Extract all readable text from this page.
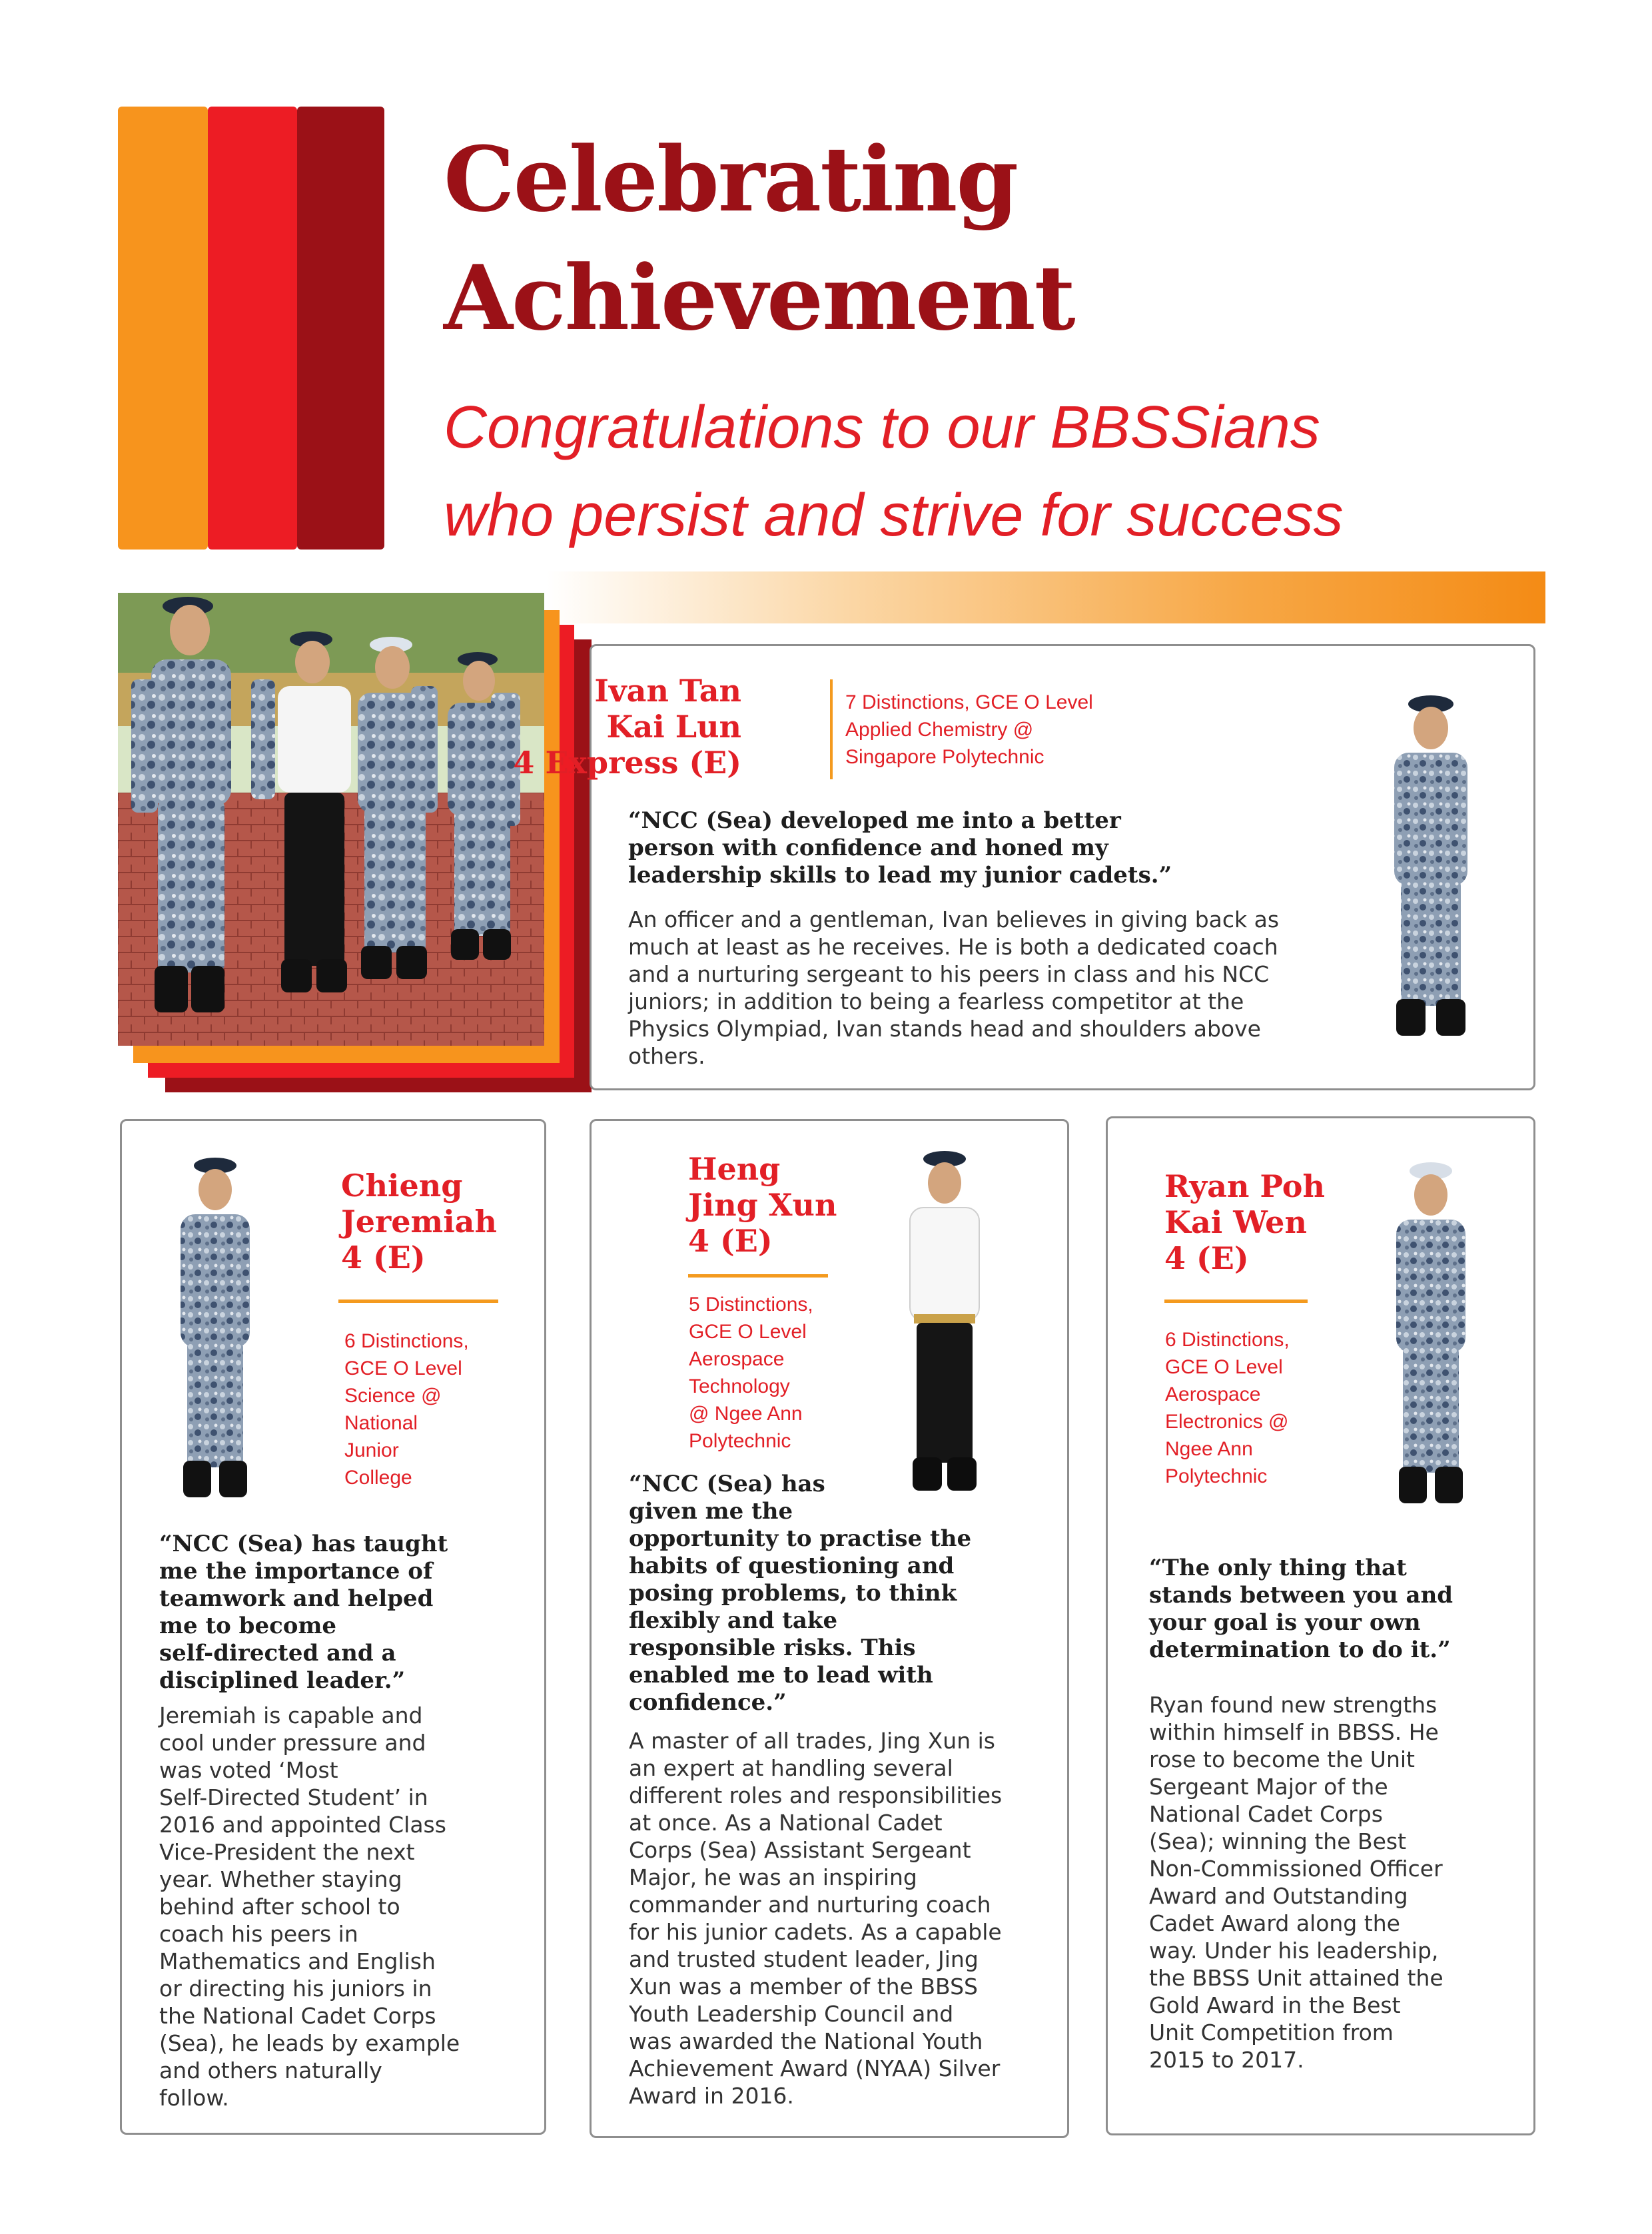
Celebrating
Achievement

Congratulations to our BBSSians
who persist and strive for success

Ivan Tan
Kai Lun
4 Express (E)

7 Distinctions, GCE O Level
Applied Chemistry @
Singapore Polytechnic

“NCC (Sea) developed me into a better
person with confidence and honed my
leadership skills to lead my junior cadets.”

An officer and a gentleman, Ivan believes in giving back as
much at least as he receives. He is both a dedicated coach
and a nurturing sergeant to his peers in class and his NCC
juniors; in addition to being a fearless competitor at the
Physics Olympiad, Ivan stands head and shoulders above
others.

Chieng
Jeremiah
4 (E)

6 Distinctions,
GCE O Level
Science @
National
Junior
College

“NCC (Sea) has taught
me the importance of
teamwork and helped
me to become
self-directed and a
disciplined leader.”

Jeremiah is capable and
cool under pressure and
was voted ‘Most
Self-Directed Student’ in
2016 and appointed Class
Vice-President the next
year. Whether staying
behind after school to
coach his peers in
Mathematics and English
or directing his juniors in
the National Cadet Corps
(Sea), he leads by example
and others naturally
follow.

Heng
Jing Xun
4 (E)

5 Distinctions,
GCE O Level
Aerospace
Technology
@ Ngee Ann
Polytechnic

“NCC (Sea) has
given me the
opportunity to practise the
habits of questioning and
posing problems, to think
flexibly and take
responsible risks. This
enabled me to lead with
confidence.”

A master of all trades, Jing Xun is
an expert at handling several
different roles and responsibilities
at once. As a National Cadet
Corps (Sea) Assistant Sergeant
Major, he was an inspiring
commander and nurturing coach
for his junior cadets. As a capable
and trusted student leader, Jing
Xun was a member of the BBSS
Youth Leadership Council and
was awarded the National Youth
Achievement Award (NYAA) Silver
Award in 2016.

Ryan Poh
Kai Wen
4 (E)

6 Distinctions,
GCE O Level
Aerospace
Electronics @
Ngee Ann
Polytechnic

“The only thing that
stands between you and
your goal is your own
determination to do it.”

Ryan found new strengths
within himself in BBSS. He
rose to become the Unit
Sergeant Major of the
National Cadet Corps
(Sea); winning the Best
Non-Commissioned Officer
Award and Outstanding
Cadet Award along the
way. Under his leadership,
the BBSS Unit attained the
Gold Award in the Best
Unit Competition from
2015 to 2017.
